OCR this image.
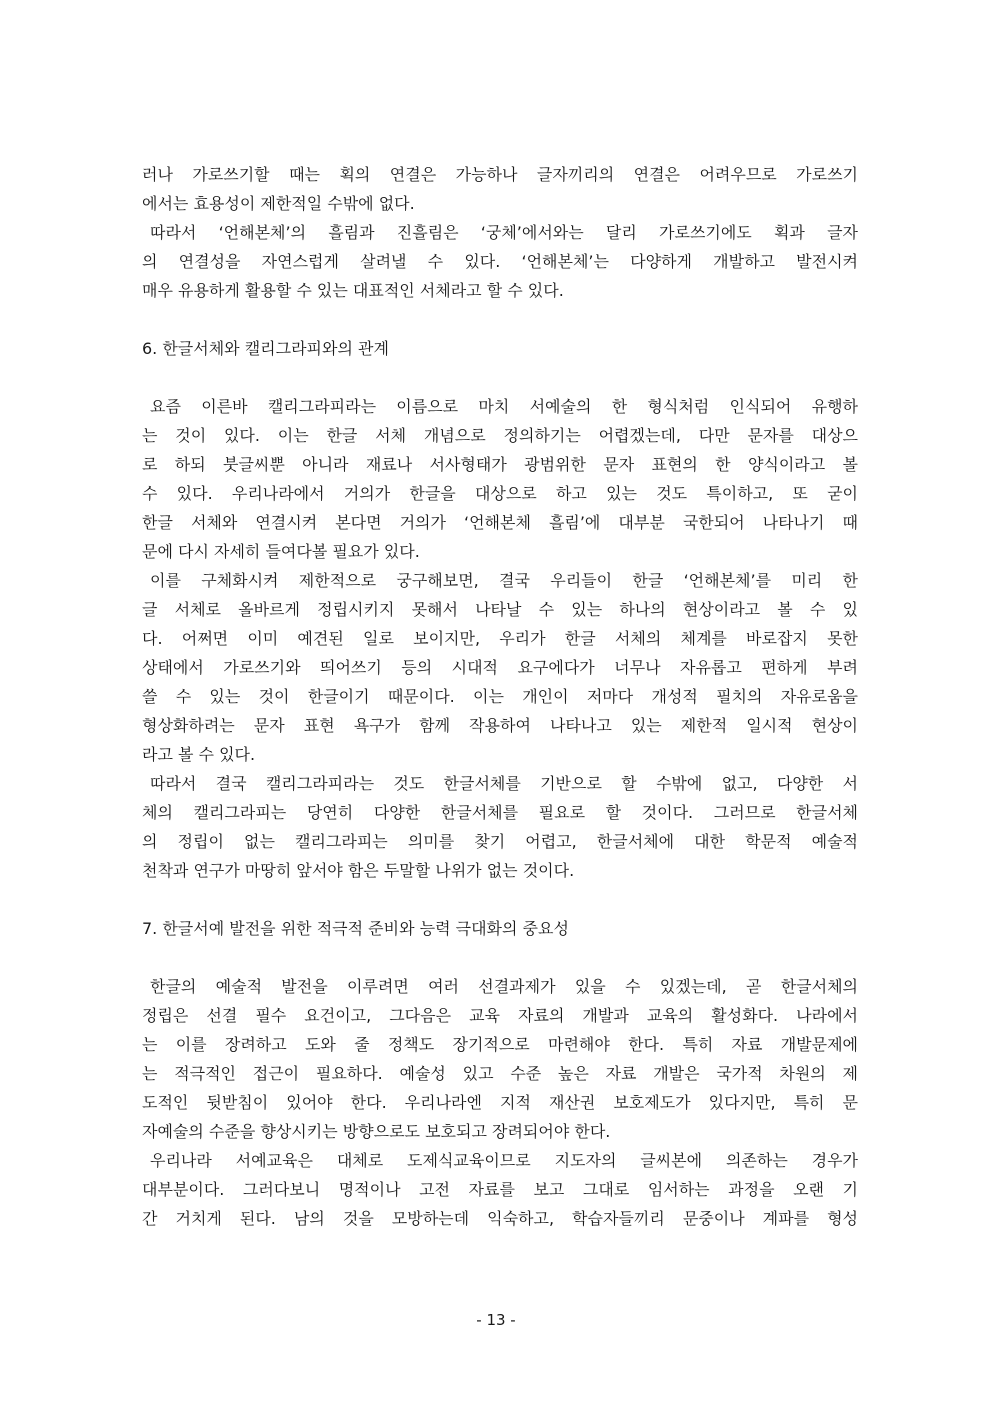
러나 가로쓰기할 때는 획의 연결은 가능하나 글자끼리의 연결은 어려우므로 가로쓰기
에서는 효용성이 제한적일 수밖에 없다.
따라서 ‘언해본체’의 흘림과 진흘림은 ‘궁체’에서와는 달리 가로쓰기에도 획과 글자
의 연결성을 자연스럽게 살려낼 수 있다. ‘언해본체’는 다양하게 개발하고 발전시켜
매우 유용하게 활용할 수 있는 대표적인 서체라고 할 수 있다.
6. 한글서체와 캘리그라피와의 관계
요즘 이른바 캘리그라피라는 이름으로 마치 서예술의 한 형식처럼 인식되어 유행하
는 것이 있다. 이는 한글 서체 개념으로 정의하기는 어렵겠는데, 다만 문자를 대상으
로 하되 붓글씨뿐 아니라 재료나 서사형태가 광범위한 문자 표현의 한 양식이라고 볼
수 있다. 우리나라에서 거의가 한글을 대상으로 하고 있는 것도 특이하고, 또 굳이
한글 서체와 연결시켜 본다면 거의가 ‘언해본체 흘림’에 대부분 국한되어 나타나기 때
문에 다시 자세히 들여다볼 필요가 있다.
이를 구체화시켜 제한적으로 궁구해보면, 결국 우리들이 한글 ‘언해본체’를 미리 한
글 서체로 올바르게 정립시키지 못해서 나타날 수 있는 하나의 현상이라고 볼 수 있
다. 어쩌면 이미 예견된 일로 보이지만, 우리가 한글 서체의 체계를 바로잡지 못한
상태에서 가로쓰기와 띄어쓰기 등의 시대적 요구에다가 너무나 자유롭고 편하게 부려
쓸 수 있는 것이 한글이기 때문이다. 이는 개인이 저마다 개성적 필치의 자유로움을
형상화하려는 문자 표현 욕구가 함께 작용하여 나타나고 있는 제한적 일시적 현상이
라고 볼 수 있다.
따라서 결국 캘리그라피라는 것도 한글서체를 기반으로 할 수밖에 없고, 다양한 서
체의 캘리그라피는 당연히 다양한 한글서체를 필요로 할 것이다. 그러므로 한글서체
의 정립이 없는 캘리그라피는 의미를 찾기 어렵고, 한글서체에 대한 학문적 예술적
천착과 연구가 마땅히 앞서야 함은 두말할 나위가 없는 것이다.
7. 한글서예 발전을 위한 적극적 준비와 능력 극대화의 중요성
한글의 예술적 발전을 이루려면 여러 선결과제가 있을 수 있겠는데, 곧 한글서체의
정립은 선결 필수 요건이고, 그다음은 교육 자료의 개발과 교육의 활성화다. 나라에서
는 이를 장려하고 도와 줄 정책도 장기적으로 마련해야 한다. 특히 자료 개발문제에
는 적극적인 접근이 필요하다. 예술성 있고 수준 높은 자료 개발은 국가적 차원의 제
도적인 뒷받침이 있어야 한다. 우리나라엔 지적 재산권 보호제도가 있다지만, 특히 문
자예술의 수준을 향상시키는 방향으로도 보호되고 장려되어야 한다.
우리나라 서예교육은 대체로 도제식교육이므로 지도자의 글씨본에 의존하는 경우가
대부분이다. 그러다보니 명적이나 고전 자료를 보고 그대로 임서하는 과정을 오랜 기
간 거치게 된다. 남의 것을 모방하는데 익숙하고, 학습자들끼리 문중이나 계파를 형성
- 13 -
